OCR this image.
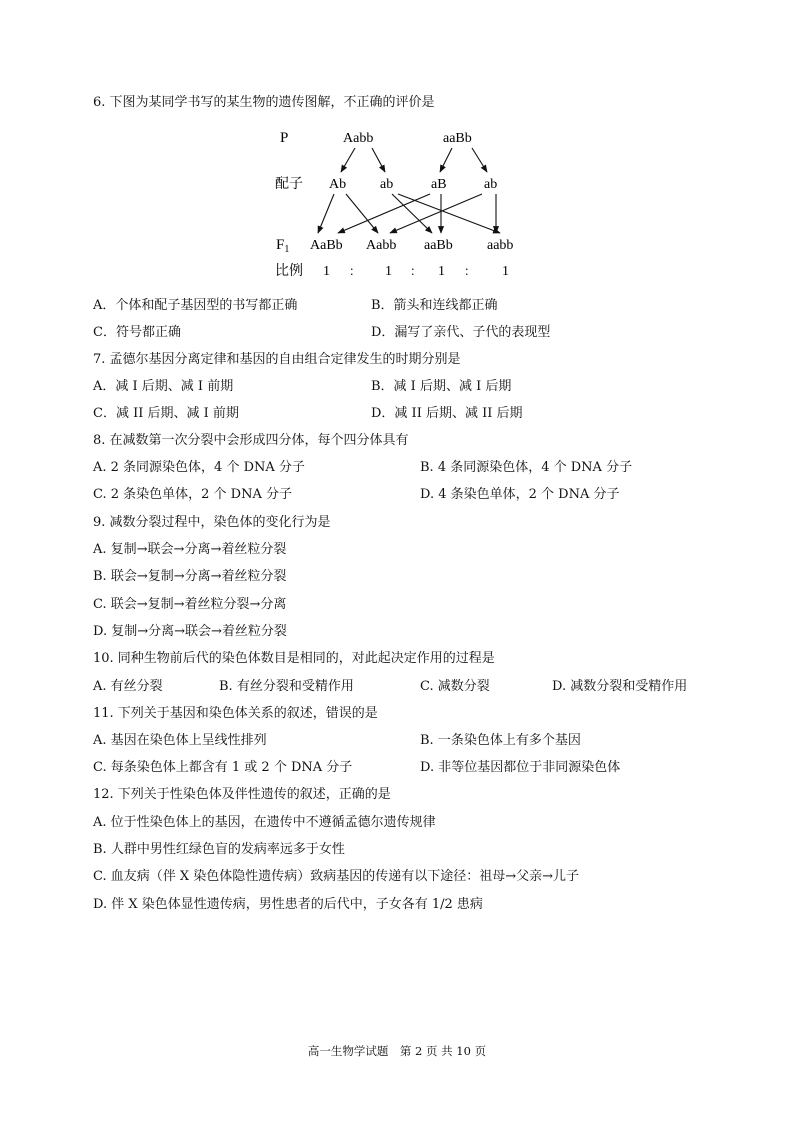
6. 下图为某同学书写的某生物的遗传图解，不正确的评价是
P	Aabb	aaBb
配子 Ab ab	aB	ab
$F_1$ AaBb Aabb aaBb aabb
比例 1 ： 1 ： 1 ： 1
A．个体和配子基因型的书写都正确	B．箭头和连线都正确
C．符号都正确	D．漏写了亲代、子代的表现型
7. 孟德尔基因分离定律和基因的自由组合定律发生的时期分别是
A．减 I 后期、减 I 前期	B．减 I 后期、减 I 后期
C．减 II 后期、减 I 前期	D．减 II 后期、减 II 后期
8. 在减数第一次分裂中会形成四分体，每个四分体具有
A. 2 条同源染色体，4 个 DNA 分子	B. 4 条同源染色体，4 个 DNA 分子
C. 2 条染色单体，2 个 DNA 分子	D. 4 条染色单体，2 个 DNA 分子
9. 减数分裂过程中，染色体的变化行为是
A. 复制→联会→分离→着丝粒分裂
B. 联会→复制→分离→着丝粒分裂
C. 联会→复制→着丝粒分裂→分离
D. 复制→分离→联会→着丝粒分裂
10. 同种生物前后代的染色体数目是相同的，对此起决定作用的过程是
A. 有丝分裂	B. 有丝分裂和受精作用	C. 减数分裂	D. 减数分裂和受精作用
11. 下列关于基因和染色体关系的叙述，错误的是
A. 基因在染色体上呈线性排列	B. 一条染色体上有多个基因
C. 每条染色体上都含有 1 或 2 个 DNA 分子	D. 非等位基因都位于非同源染色体
12. 下列关于性染色体及伴性遗传的叙述，正确的是
A. 位于性染色体上的基因，在遗传中不遵循孟德尔遗传规律
B. 人群中男性红绿色盲的发病率远多于女性
C. 血友病（伴 X 染色体隐性遗传病）致病基因的传递有以下途径：祖母→父亲→儿子
D. 伴 X 染色体显性遗传病，男性患者的后代中，子女各有 1/2 患病
高一生物学试题　第 2 页 共 10 页
